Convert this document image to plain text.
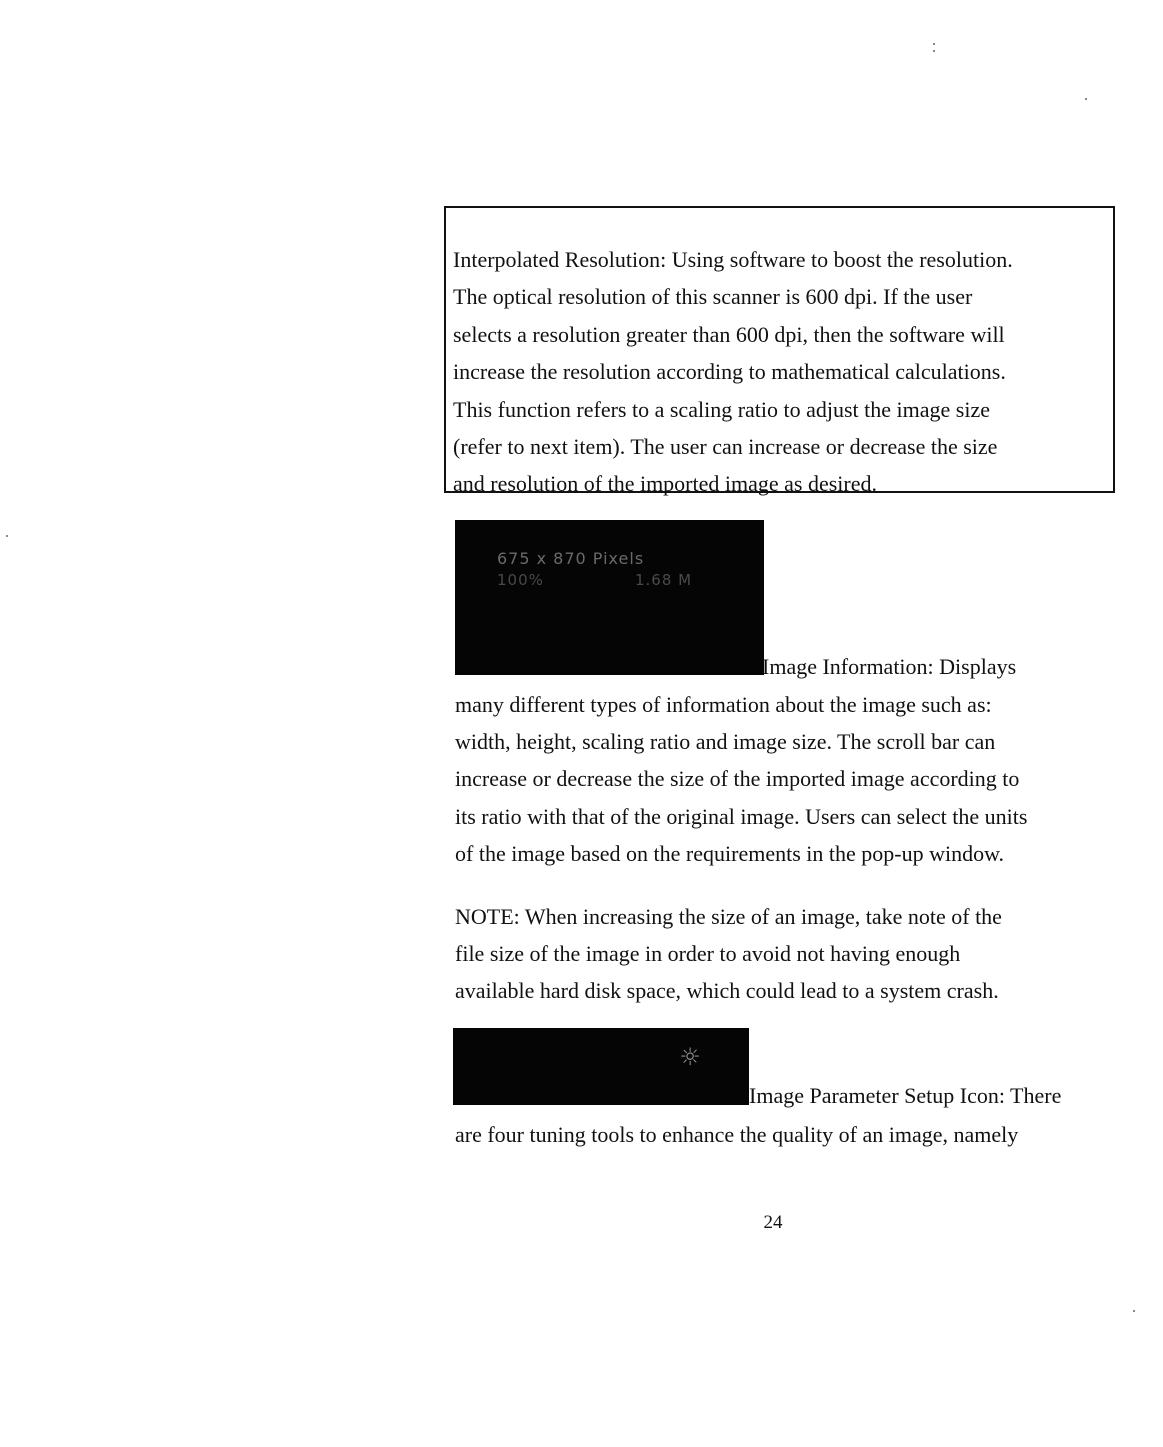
Interpolated Resolution: Using software to boost the resolution.
The optical resolution of this scanner is 600 dpi. If the user
selects a resolution greater than 600 dpi, then the software will
increase the resolution according to mathematical calculations.
This function refers to a scaling ratio to adjust the image size
(refer to next item). The user can increase or decrease the size
and resolution of the imported image as desired.

675 x 870 Pixels
100%	1.68 M
Image Information: Displays

many different types of information about the image such as:
width, height, scaling ratio and image size. The scroll bar can
increase or decrease the size of the imported image according to
its ratio with that of the original image. Users can select the units
of the image based on the requirements in the pop-up window.

NOTE: When increasing the size of an image, take note of the
file size of the image in order to avoid not having enough
available hard disk space, which could lead to a system crash.

☼
Image Parameter Setup Icon: There

are four tuning tools to enhance the quality of an image, namely

24
